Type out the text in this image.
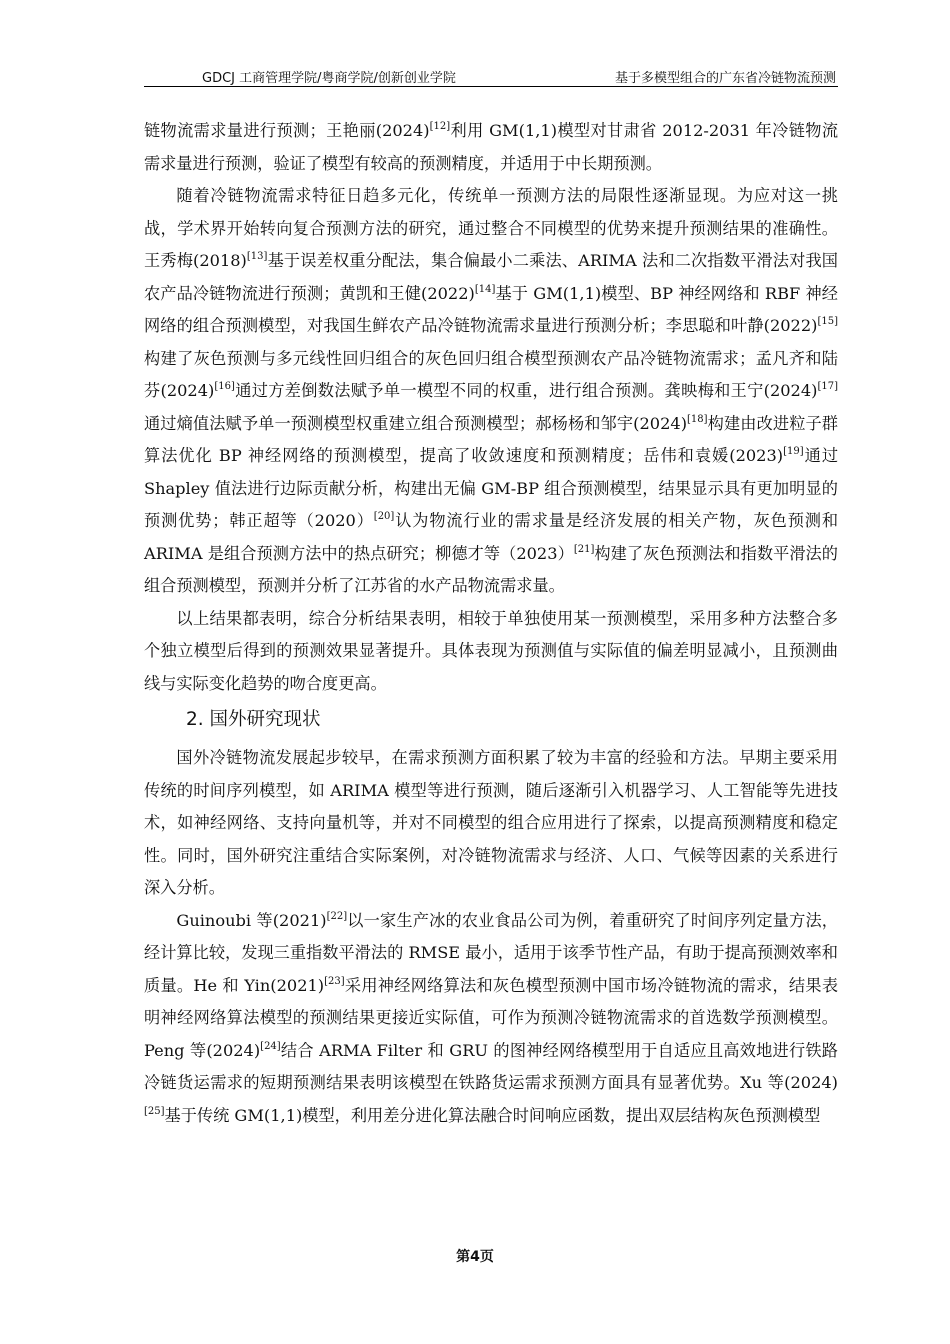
GDCJ 工商管理学院/粤商学院/创新创业学院	基于多模型组合的广东省冷链物流预测

链物流需求量进行预测；王艳丽(2024)[12]利用 GM(1,1)模型对甘肃省 2012-2031 年冷链物流需求量进行预测，验证了模型有较高的预测精度，并适用于中长期预测。

随着冷链物流需求特征日趋多元化，传统单一预测方法的局限性逐渐显现。为应对这一挑战，学术界开始转向复合预测方法的研究，通过整合不同模型的优势来提升预测结果的准确性。王秀梅(2018)[13]基于误差权重分配法，集合偏最小二乘法、ARIMA 法和二次指数平滑法对我国农产品冷链物流进行预测；黄凯和王健(2022)[14]基于 GM(1,1)模型、BP 神经网络和 RBF 神经网络的组合预测模型，对我国生鲜农产品冷链物流需求量进行预测分析；李思聪和叶静(2022)[15]构建了灰色预测与多元线性回归组合的灰色回归组合模型预测农产品冷链物流需求；孟凡齐和陆芬(2024)[16]通过方差倒数法赋予单一模型不同的权重，进行组合预测。龚映梅和王宁(2024)[17]通过熵值法赋予单一预测模型权重建立组合预测模型；郝杨杨和邹宇(2024)[18]构建由改进粒子群算法优化 BP 神经网络的预测模型，提高了收敛速度和预测精度；岳伟和袁媛(2023)[19]通过 Shapley 值法进行边际贡献分析，构建出无偏 GM-BP 组合预测模型，结果显示具有更加明显的预测优势；韩正超等（2020）[20]认为物流行业的需求量是经济发展的相关产物，灰色预测和 ARIMA 是组合预测方法中的热点研究；柳德才等（2023）[21]构建了灰色预测法和指数平滑法的组合预测模型，预测并分析了江苏省的水产品物流需求量。

以上结果都表明，综合分析结果表明，相较于单独使用某一预测模型，采用多种方法整合多个独立模型后得到的预测效果显著提升。具体表现为预测值与实际值的偏差明显减小，且预测曲线与实际变化趋势的吻合度更高。

2. 国外研究现状

国外冷链物流发展起步较早，在需求预测方面积累了较为丰富的经验和方法。早期主要采用传统的时间序列模型，如 ARIMA 模型等进行预测，随后逐渐引入机器学习、人工智能等先进技术，如神经网络、支持向量机等，并对不同模型的组合应用进行了探索，以提高预测精度和稳定性。同时，国外研究注重结合实际案例，对冷链物流需求与经济、人口、气候等因素的关系进行深入分析。

Guinoubi 等(2021)[22]以一家生产冰的农业食品公司为例，着重研究了时间序列定量方法，经计算比较，发现三重指数平滑法的 RMSE 最小，适用于该季节性产品，有助于提高预测效率和质量。He 和 Yin(2021)[23]采用神经网络算法和灰色模型预测中国市场冷链物流的需求，结果表明神经网络算法模型的预测结果更接近实际值，可作为预测冷链物流需求的首选数学预测模型。Peng 等(2024)[24]结合 ARMA Filter 和 GRU 的图神经网络模型用于自适应且高效地进行铁路冷链货运需求的短期预测结果表明该模型在铁路货运需求预测方面具有显著优势。Xu 等(2024)[25]基于传统 GM(1,1)模型，利用差分进化算法融合时间响应函数，提出双层结构灰色预测模型

第4页
